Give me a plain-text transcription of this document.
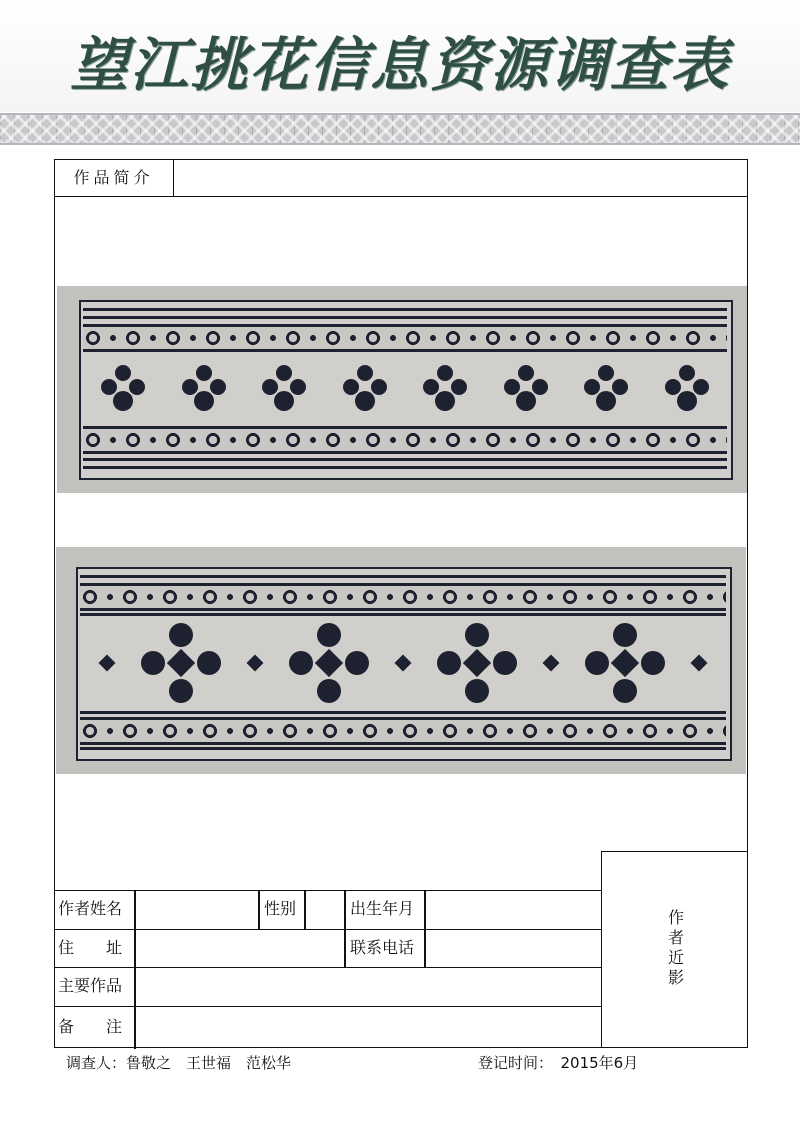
望江挑花信息资源调查表
作品简介
作
者
近
影
作者姓名	性别	出生年月
住　　址	联系电话
主要作品
备　　注
调查人：鲁敬之　王世福　范松华	登记时间：　2015年6月
